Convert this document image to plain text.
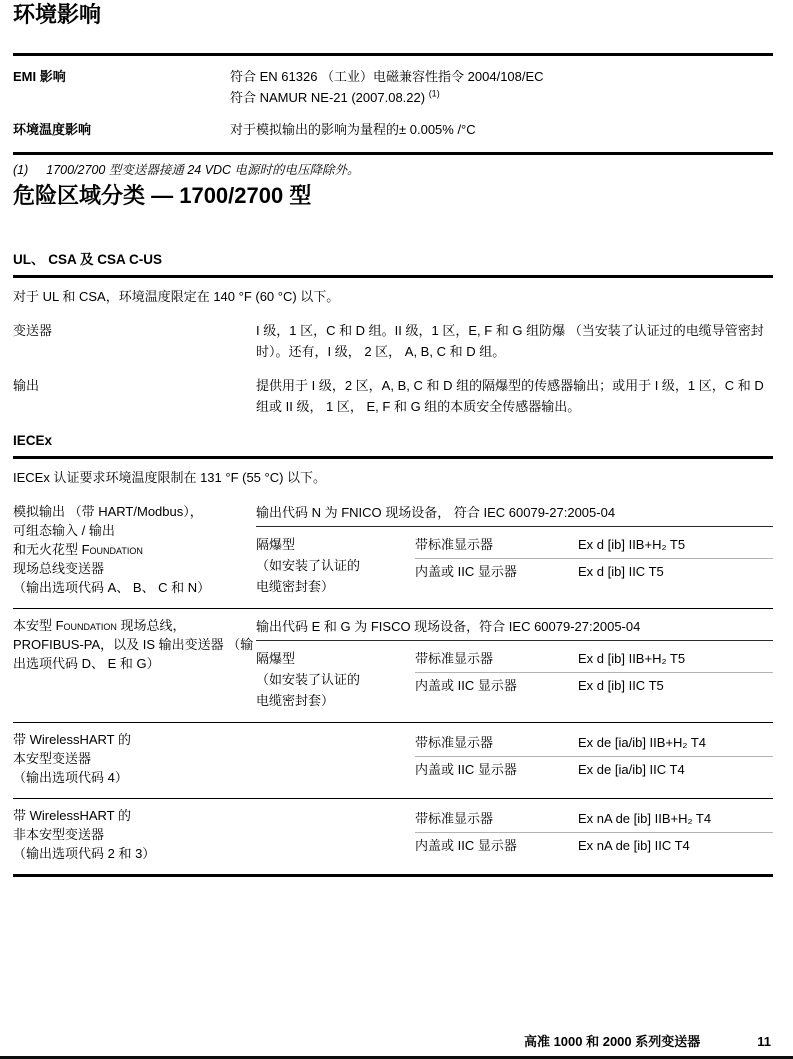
环境影响
EMI 影响	符合 EN 61326 （工业）电磁兼容性指令 2004/108/EC
符合 NAMUR NE-21 (2007.08.22) $^{(1)}$
环境温度影响	对于模拟输出的影响为量程的± 0.005% /°C
(1) 1700/2700 型变送器接通 24 VDC 电源时的电压降除外。
危险区域分类 — 1700/2700 型
UL、 CSA 及 CSA C-US
对于 UL 和 CSA，环境温度限定在 140 °F (60 °C) 以下。
变送器	I 级，1 区，C 和 D 组。II 级，1 区，E, F 和 G 组防爆 （当安装了认证过的电缆导管密封时）。还有，I 级， 2 区， A, B, C 和 D 组。
输出	提供用于 I 级，2 区，A, B, C 和 D 组的隔爆型的传感器输出；或用于 I 级，1 区，C 和 D 组或 II 级， 1 区， E, F 和 G 组的本质安全传感器输出。
IECEx
IECEx 认证要求环境温度限制在 131 °F (55 °C) 以下。
模拟输出 （带 HART/Modbus），
可组态输入 / 输出
和无火花型 Foundation
现场总线变送器
（输出选项代码 A、 B、 C 和 N）
输出代码 N 为 FNICO 现场设备， 符合 IEC 60079-27:2005-04
隔爆型
（如安装了认证的
电缆密封套）
带标准显示器	Ex d [ib] IIB+H₂ T5
内盖或 IIC 显示器	Ex d [ib] IIC T5
本安型 Foundation 现场总线，
PROFIBUS-PA，以及 IS 输出变送器 （输
出选项代码 D、 E 和 G）
输出代码 E 和 G 为 FISCO 现场设备，符合 IEC 60079-27:2005-04
隔爆型
（如安装了认证的
电缆密封套）
带标准显示器	Ex d [ib] IIB+H₂ T5
内盖或 IIC 显示器	Ex d [ib] IIC T5
带 WirelessHART 的
本安型变送器
（输出选项代码 4）
带标准显示器	Ex de [ia/ib] IIB+H₂ T4
内盖或 IIC 显示器	Ex de [ia/ib] IIC T4
带 WirelessHART 的
非本安型变送器
（输出选项代码 2 和 3）
带标准显示器	Ex nA de [ib] IIB+H₂ T4
内盖或 IIC 显示器	Ex nA de [ib] IIC T4
高准 1000 和 2000 系列变送器	11
